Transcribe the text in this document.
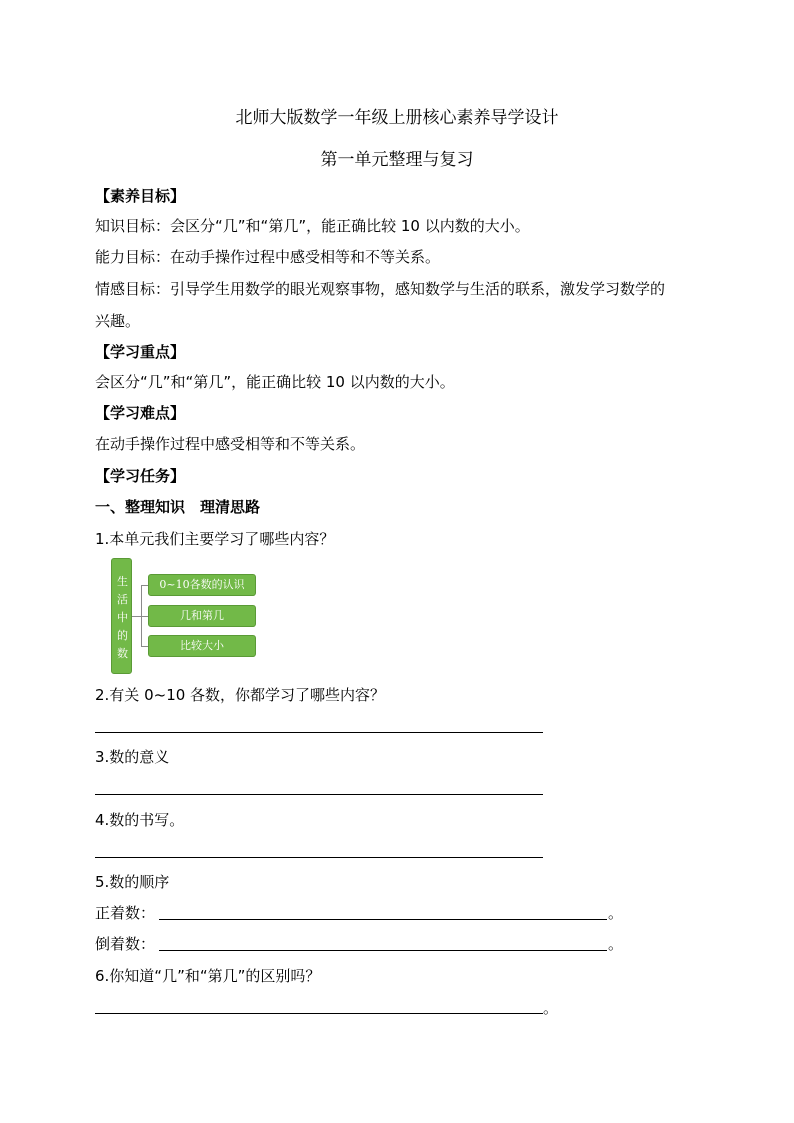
北师大版数学一年级上册核心素养导学设计
第一单元整理与复习
【素养目标】
知识目标：会区分“几”和“第几”，能正确比较 10 以内数的大小。
能力目标：在动手操作过程中感受相等和不等关系。
情感目标：引导学生用数学的眼光观察事物，感知数学与生活的联系，激发学习数学的
兴趣。
【学习重点】
会区分“几”和“第几”，能正确比较 10 以内数的大小。
【学习难点】
在动手操作过程中感受相等和不等关系。
【学习任务】
一、整理知识　理清思路
1.本单元我们主要学习了哪些内容？
生
活
中
的
数
0~10各数的认识
几和第几
比较大小
2.有关 0~10 各数，你都学习了哪些内容？
3.数的意义
4.数的书写。
5.数的顺序
正着数：	。
倒着数：	。
6.你知道“几”和“第几”的区别吗？
。
